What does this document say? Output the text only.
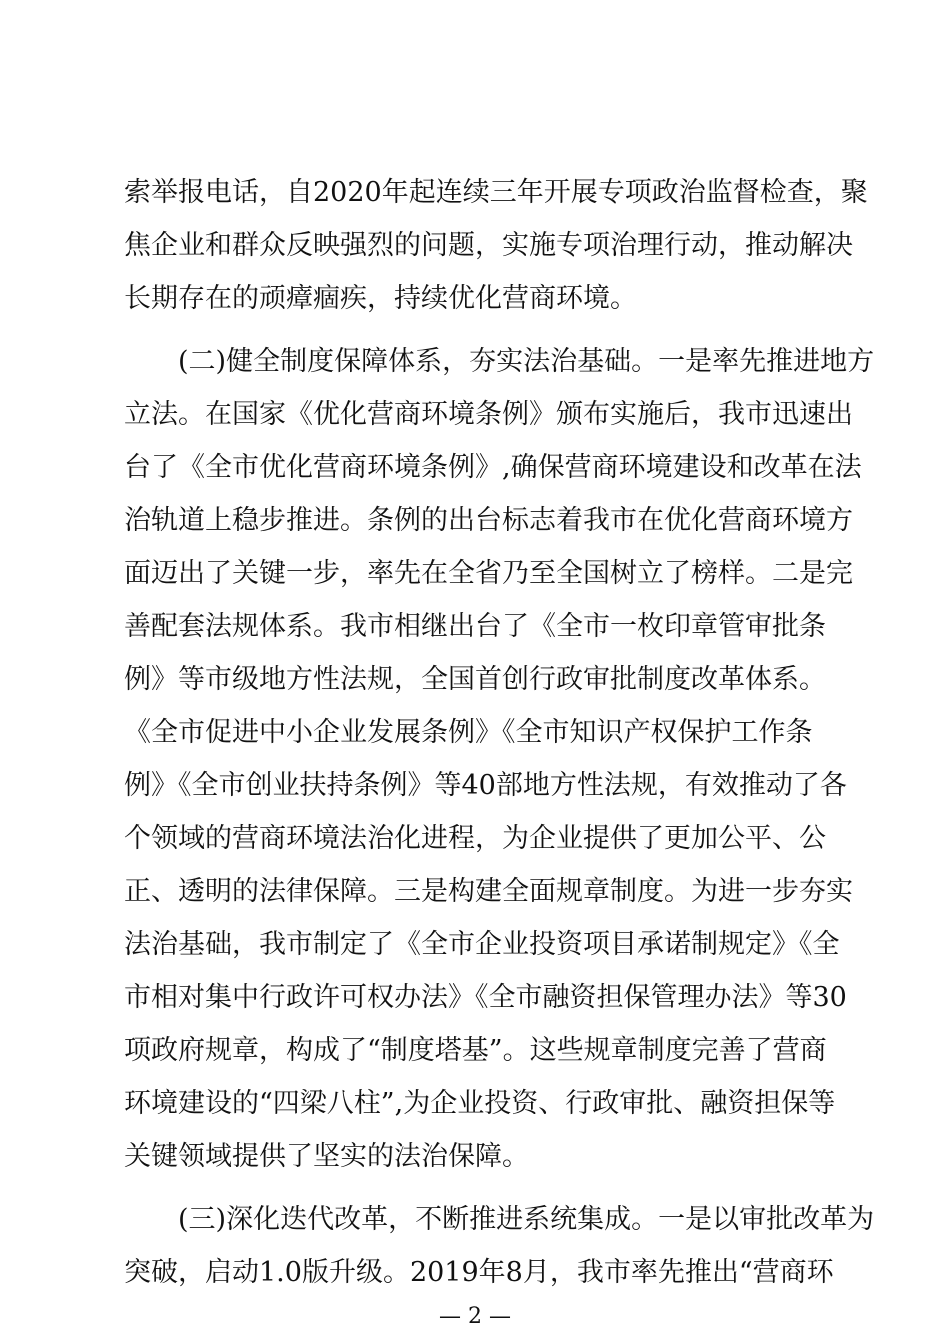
索举报电话，自2020年起连续三年开展专项政治监督检查，聚
焦企业和群众反映强烈的问题，实施专项治理行动，推动解决
长期存在的顽瘴痼疾，持续优化营商环境。
(二)健全制度保障体系，夯实法治基础。一是率先推进地方
立法。在国家《优化营商环境条例》颁布实施后，我市迅速出
台了《全市优化营商环境条例》,确保营商环境建设和改革在法
治轨道上稳步推进。条例的出台标志着我市在优化营商环境方
面迈出了关键一步，率先在全省乃至全国树立了榜样。二是完
善配套法规体系。我市相继出台了《全市一枚印章管审批条
例》等市级地方性法规，全国首创行政审批制度改革体系。
《全市促进中小企业发展条例》《全市知识产权保护工作条
例》《全市创业扶持条例》等40部地方性法规，有效推动了各
个领域的营商环境法治化进程，为企业提供了更加公平、公
正、透明的法律保障。三是构建全面规章制度。为进一步夯实
法治基础，我市制定了《全市企业投资项目承诺制规定》《全
市相对集中行政许可权办法》《全市融资担保管理办法》等30
项政府规章，构成了“制度塔基”。这些规章制度完善了营商
环境建设的“四梁八柱”,为企业投资、行政审批、融资担保等
关键领域提供了坚实的法治保障。
(三)深化迭代改革，不断推进系统集成。一是以审批改革为
突破，启动1.0版升级。2019年8月，我市率先推出“营商环
— 2 —
